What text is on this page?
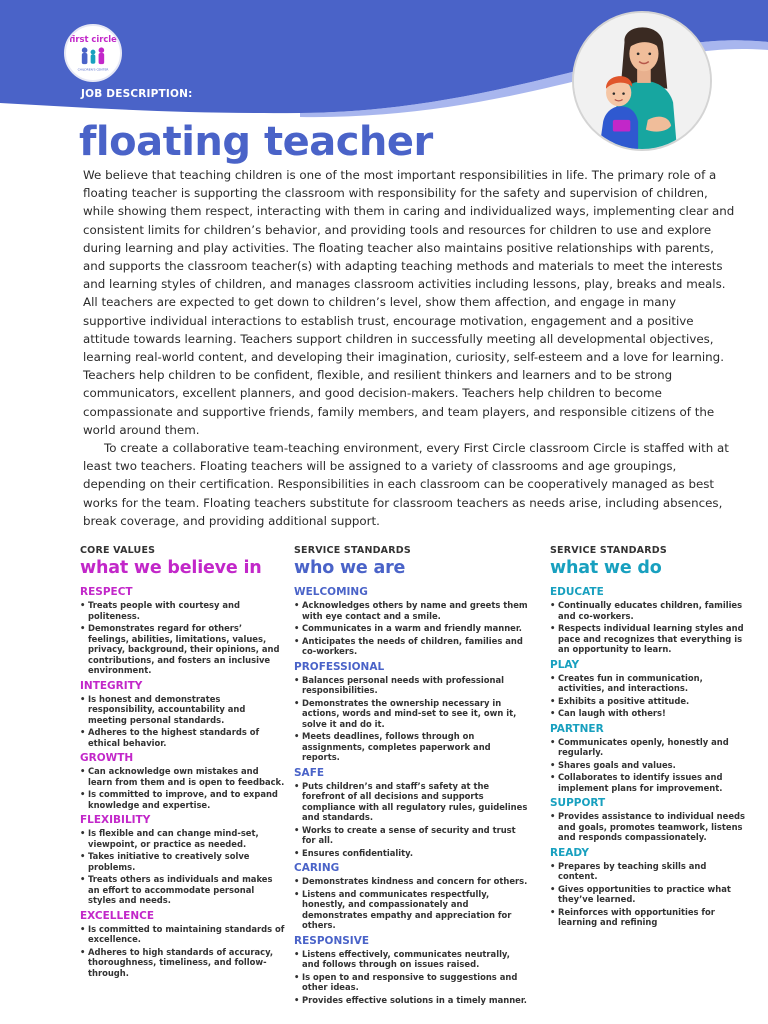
first circle
CHILDREN'S CENTER
JOB DESCRIPTION:
floating teacher

We believe that teaching children is one of the most important responsibilities in life. The primary role of a floating teacher is supporting the classroom with responsibility for the safety and supervision of children, while showing them respect, interacting with them in caring and individualized ways, implementing clear and consistent limits for children’s behavior, and providing tools and resources for children to use and explore during learning and play activities. The floating teacher also maintains positive relationships with parents, and supports the classroom teacher(s) with adapting teaching methods and materials to meet the interests and learning styles of children, and manages classroom activities including lessons, play, breaks and meals. All teachers are expected to get down to children’s level, show them affection, and engage in many supportive individual interactions to establish trust, encourage motivation, engagement and a positive attitude towards learning. Teachers support children in successfully meeting all developmental objectives, learning real-world content, and developing their imagination, curiosity, self-esteem and a love for learning. Teachers help children to be confident, flexible, and resilient thinkers and learners and to be strong communicators, excellent planners, and good decision-makers. Teachers help children to become compassionate and supportive friends, family members, and team players, and responsible citizens of the world around them.

To create a collaborative team-teaching environment, every First Circle classroom Circle is staffed with at least two teachers. Floating teachers will be assigned to a variety of classrooms and age groupings, depending on their certification. Responsibilities in each classroom can be cooperatively managed as best works for the team. Floating teachers substitute for classroom teachers as needs arise, including absences, break coverage, and providing additional support.

CORE VALUES
what we believe in
RESPECT
• Treats people with courtesy and politeness.
• Demonstrates regard for others’ feelings, abilities, limitations, values, privacy, background, their opinions, and contributions, and fosters an inclusive environment.
INTEGRITY
• Is honest and demonstrates responsibility, accountability and meeting personal standards.
• Adheres to the highest standards of ethical behavior.
GROWTH
• Can acknowledge own mistakes and learn from them and is open to feedback.
• Is committed to improve, and to expand knowledge and expertise.
FLEXIBILITY
• Is flexible and can change mind-set, viewpoint, or practice as needed.
• Takes initiative to creatively solve problems.
• Treats others as individuals and makes an effort to accommodate personal styles and needs.
EXCELLENCE
• Is committed to maintaining standards of excellence.
• Adheres to high standards of accuracy, thoroughness, timeliness, and follow-through.
SERVICE STANDARDS
who we are
WELCOMING
• Acknowledges others by name and greets them with eye contact and a smile.
• Communicates in a warm and friendly manner.
• Anticipates the needs of children, families and co-workers.
PROFESSIONAL
• Balances personal needs with professional responsibilities.
• Demonstrates the ownership necessary in actions, words and mind-set to see it, own it, solve it and do it.
• Meets deadlines, follows through on assignments, completes paperwork and reports.
SAFE
• Puts children’s and staff’s safety at the forefront of all decisions and supports compliance with all regulatory rules, guidelines and standards.
• Works to create a sense of security and trust for all.
• Ensures confidentiality.
CARING
• Demonstrates kindness and concern for others.
• Listens and communicates respectfully, honestly, and compassionately and demonstrates empathy and appreciation for others.
RESPONSIVE
• Listens effectively, communicates neutrally, and follows through on issues raised.
• Is open to and responsive to suggestions and other ideas.
• Provides effective solutions in a timely manner.
SERVICE STANDARDS
what we do
EDUCATE
• Continually educates children, families and co-workers.
• Respects individual learning styles and pace and recognizes that everything is an opportunity to learn.
PLAY
• Creates fun in communication, activities, and interactions.
• Exhibits a positive attitude.
• Can laugh with others!
PARTNER
• Communicates openly, honestly and regularly.
• Shares goals and values.
• Collaborates to identify issues and implement plans for improvement.
SUPPORT
• Provides assistance to individual needs and goals, promotes teamwork, listens and responds compassionately.
READY
• Prepares by teaching skills and content.
• Gives opportunities to practice what they’ve learned.
• Reinforces with opportunities for learning and refining
